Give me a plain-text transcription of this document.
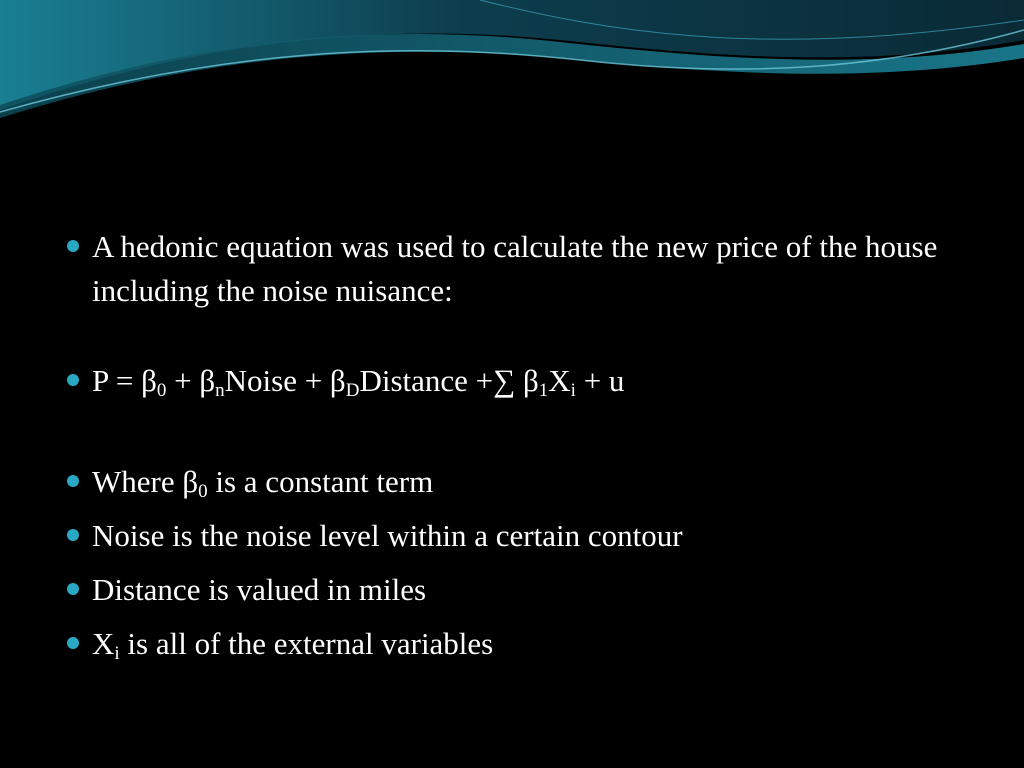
A hedonic equation was used to calculate the new price of the house including the noise nuisance:
$P = \beta_0$ + $\beta_nNoise$ + $\beta_DDistance$ +∑ $\beta_1X_i + u$
Where $\beta_0$ is a constant term
Noise is the noise level within a certain contour
Distance is valued in miles
$X_i$ is all of the external variables
